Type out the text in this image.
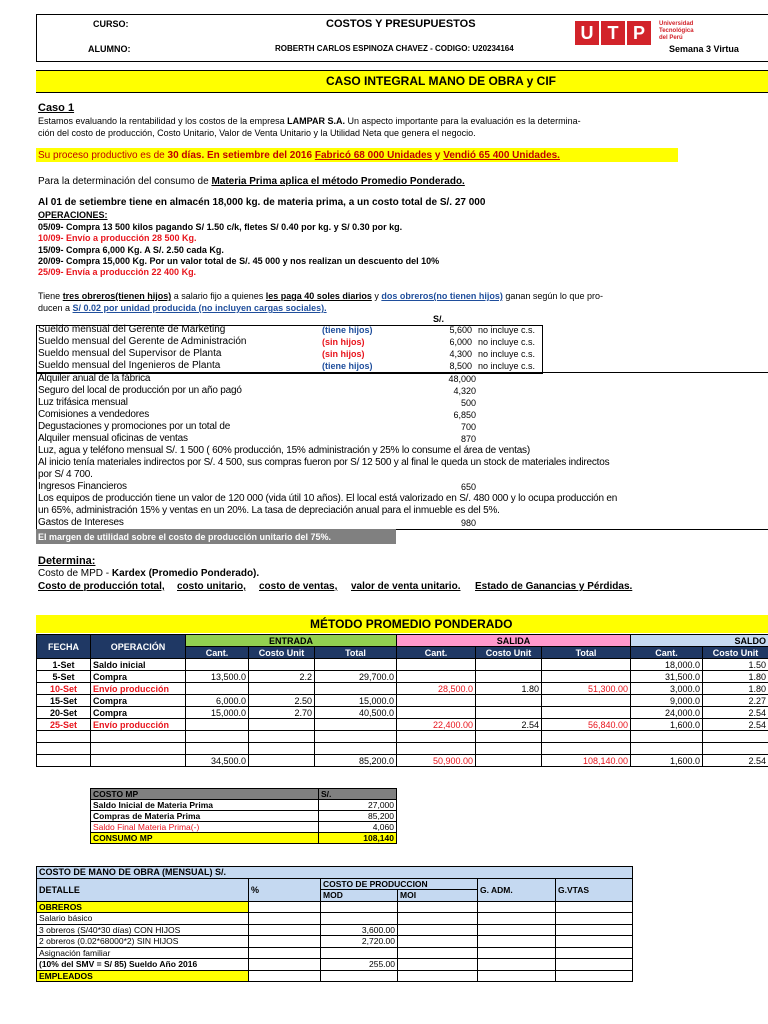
CURSO:	COSTOS Y PRESUPUESTOS
ALUMNO:	ROBERTH CARLOS ESPINOZA CHAVEZ - CODIGO: U20234164
U T P	Universidad
Tecnológica
del Perú
Semana 3 Virtua
CASO INTEGRAL MANO DE OBRA y CIF
Caso 1
Estamos evaluando la rentabilidad y los costos de la empresa LAMPAR S.A. Un aspecto importante para la evaluación es la determina-
ción del costo de producción, Costo Unitario, Valor de Venta Unitario y la Utilidad Neta que genera el negocio.
Su proceso productivo es de 30 días. En setiembre del 2016 Fabricó 68 000 Unidades y Vendió 65 400 Unidades.
Para la determinación del consumo de Materia Prima aplica el método Promedio Ponderado.
Al 01 de setiembre tiene en almacén 18,000 kg. de materia prima, a un costo total de S/. 27 000
OPERACIONES:
05/09- Compra 13 500 kilos pagando S/ 1.50 c/k, fletes S/ 0.40 por kg. y S/ 0.30 por kg.
10/09- Envío a producción 28 500 Kg.
15/09- Compra 6,000 Kg. A S/. 2.50 cada Kg.
20/09- Compra 15,000 Kg. Por un valor total de S/. 45 000 y nos realizan un descuento del 10%
25/09- Envía a producción 22 400 Kg.
Tiene tres obreros(tienen hijos) a salario fijo a quienes les paga 40 soles diarios y dos obreros(no tienen hijos) ganan según lo que pro-
ducen a S/ 0.02 por unidad producida (no incluyen cargas sociales).
S/.
Sueldo mensual del Gerente de Marketing	(tiene hijos)	5,600 no incluye c.s.
Sueldo mensual del Gerente de Administración	(sin hijos)	6,000 no incluye c.s.
Sueldo mensual del Supervisor de Planta	(sin hijos)	4,300 no incluye c.s.
Sueldo mensual del Ingenieros de Planta	(tiene hijos)	8,500 no incluye c.s.
Alquiler anual de la fábrica	48,000
Seguro del local de producción por un año pagó	4,320
Luz trifásica mensual	500
Comisiones a vendedores	6,850
Degustaciones y promociones por un total de	700
Alquiler mensual oficinas de ventas	870
Luz, agua y teléfono mensual S/. 1 500 ( 60% producción, 15% administración y 25% lo consume el área de ventas)
Al inicio tenía materiales indirectos por S/. 4 500, sus compras fueron por S/ 12 500 y al final le queda un stock de materiales indirectos
por S/ 4 700.
Ingresos Financieros	650
Los equipos de producción tiene un valor de 120 000 (vida útil 10 años). El local está valorizado en S/. 480 000 y lo ocupa producción en
un 65%, administración 15% y ventas en un 20%. La tasa de depreciación anual para el inmueble es del 5%.
Gastos de Intereses	980
El margen de utilidad sobre el costo de producción unitario del 75%.
Determina:
Costo de MPD - Kardex (Promedio Ponderado).
Costo de producción total, costo unitario, costo de ventas, valor de venta unitario. Estado de Ganancias y Pérdidas.
MÉTODO PROMEDIO PONDERADO
FECHA	OPERACIÓN	ENTRADA			SALIDA			SALDO	
		Cant.	Costo Unit	Total	Cant.	Costo Unit	Total	Cant.	Costo Unit
1-Set	Saldo inicial							18,000.0	1.50
5-Set	Compra	13,500.0	2.2	29,700.0				31,500.0	1.80
10-Set	Envío producción				28,500.0	1.80	51,300.00	3,000.0	1.80
15-Set	Compra	6,000.0	2.50	15,000.0				9,000.0	2.27
20-Set	Compra	15,000.0	2.70	40,500.0				24,000.0	2.54
25-Set	Envío producción				22,400.00	2.54	56,840.00	1,600.0	2.54

		34,500.0		85,200.0	50,900.00		108,140.00	1,600.0	2.54
COSTO MP	S/.
Saldo Inicial de Materia Prima	27,000
Compras de Materia Prima	85,200
Saldo Final Materia Prima(-)	4,060
CONSUMO MP	108,140
COSTO DE MANO DE OBRA (MENSUAL) S/.						
DETALLE	%	COSTO DE PRODUCCION		G. ADM.	G.VTAS	
		MOD	MOI			
OBREROS						
Salario básico						
3 obreros (S/40*30 días) CON HIJOS		3,600.00				
2 obreros (0.02*68000*2) SIN HIJOS		2,720.00				
Asignación familiar						
(10% del SMV = S/ 85) Sueldo Año 2016		255.00				
EMPLEADOS						
